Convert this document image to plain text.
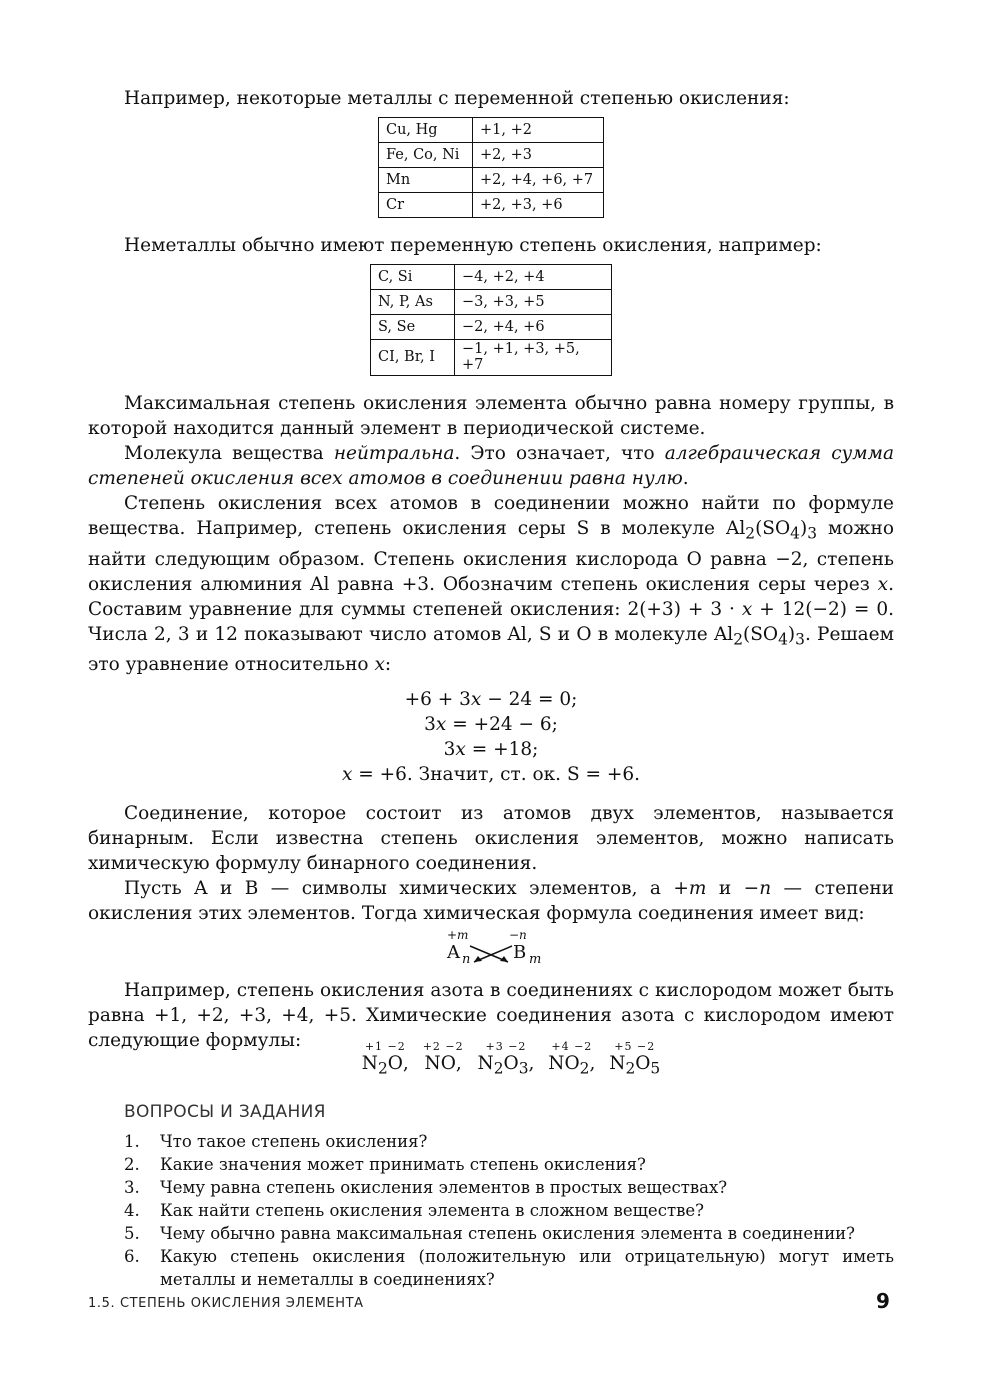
Например, некоторые металлы с переменной степенью окисления:

Cu, Hg	+1, +2
Fe, Co, Ni	+2, +3
Mn	+2, +4, +6, +7
Cr	+2, +3, +6

Неметаллы обычно имеют переменную степень окисления, например:

C, Si	−4, +2, +4
N, P, As	−3, +3, +5
S, Se	−2, +4, +6
CI, Br, I	−1, +1, +3, +5, +7

Максимальная степень окисления элемента обычно равна номеру группы, в которой находится данный элемент в периодической системе.

Молекула вещества нейтральна. Это означает, что алгебраическая сумма степеней окисления всех атомов в соединении равна нулю.

Степень окисления всех атомов в соединении можно найти по формуле вещества. Например, степень окисления серы S в молекуле $Al_2(SO_4)_3$ можно найти следующим образом. Степень окисления кислорода O равна −2, степень окисления алюминия Al равна +3. Обозначим степень окисления серы через x. Составим уравнение для суммы степеней окисления: 2(+3) + 3 · x + 12(−2) = 0. Числа 2, 3 и 12 показывают число атомов Al, S и O в молекуле $Al_2(SO_4)_3$. Решаем это уравнение относительно x:

+6 + 3x − 24 = 0;
3x = +24 − 6;
3x = +18;
x = +6. Значит, ст. ок. S = +6.

Соединение, которое состоит из атомов двух элементов, называется бинарным. Если известна степень окисления элементов, можно написать химическую формулу бинарного соединения.

Пусть A и B — символы химических элементов, а +m и −n — степени окисления этих элементов. Тогда химическая формула соединения имеет вид:

+m	−n
A n B m

Например, степень окисления азота в соединениях с кислородом может быть равна +1, +2, +3, +4, +5. Химические соединения азота с кислородом имеют следующие формулы:	+1 −2
$N_2O$,
+2 −2
NO,
+3 −2
$N_2O_3$,
+4 −2
$NO_2$,
+5 −2
$N_2O_5$

ВОПРОСЫ И ЗАДАНИЯ

1. Что такое степень окисления?
2. Какие значения может принимать степень окисления?
3. Чему равна степень окисления элементов в простых веществах?
4. Как найти степень окисления элемента в сложном веществе?
5. Чему обычно равна максимальная степень окисления элемента в соединении?
6. Какую степень окисления (положительную или отрицательную) могут иметь металлы и неметаллы в соединениях?
1.5. СТЕПЕНЬ ОКИСЛЕНИЯ ЭЛЕМЕНТА	9
